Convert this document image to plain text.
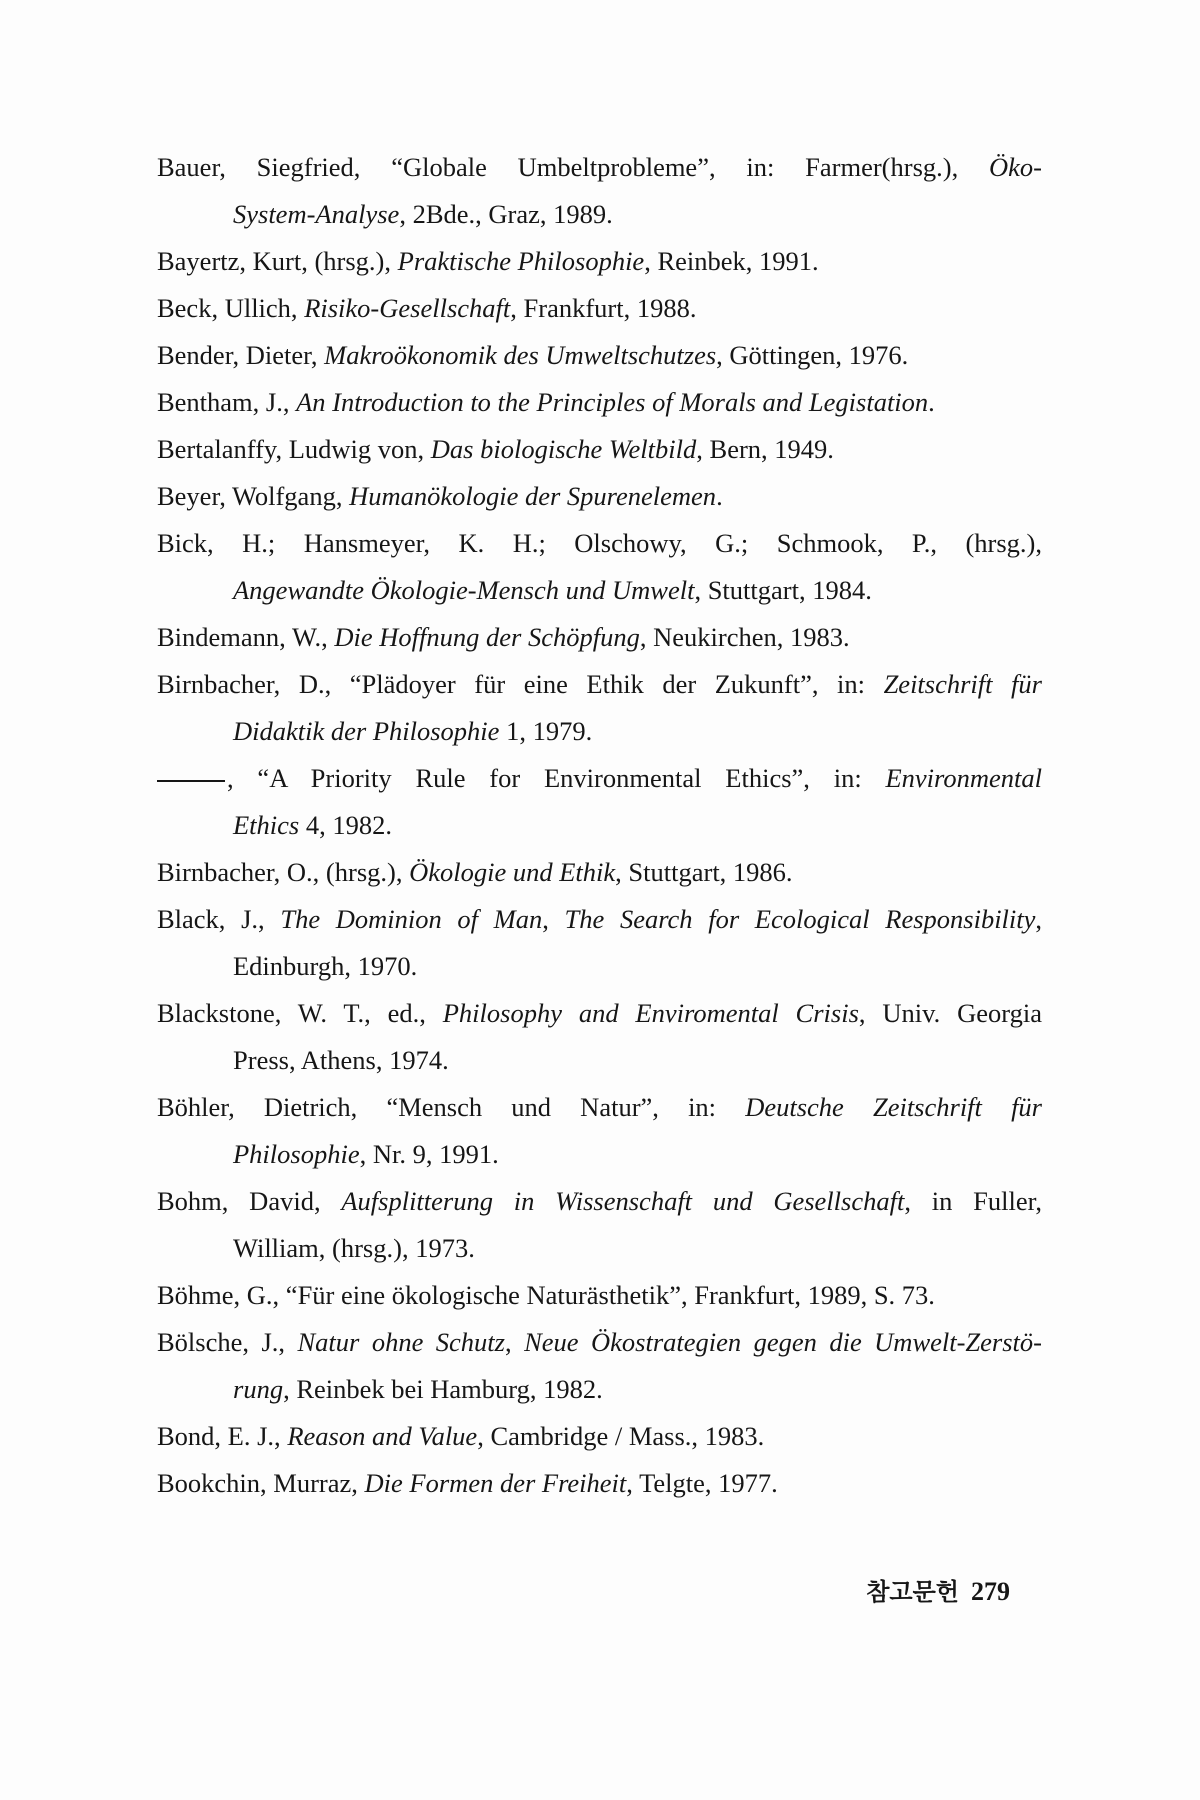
Bauer, Siegfried, “Globale Umbeltprobleme”, in: Farmer(hrsg.), Öko-
System-Analyse, 2Bde., Graz, 1989.
Bayertz, Kurt, (hrsg.), Praktische Philosophie, Reinbek, 1991.
Beck, Ullich, Risiko-Gesellschaft, Frankfurt, 1988.
Bender, Dieter, Makroökonomik des Umweltschutzes, Göttingen, 1976.
Bentham, J., An Introduction to the Principles of Morals and Legistation.
Bertalanffy, Ludwig von, Das biologische Weltbild, Bern, 1949.
Beyer, Wolfgang, Humanökologie der Spurenelemen.
Bick, H.; Hansmeyer, K. H.; Olschowy, G.; Schmook, P., (hrsg.),
Angewandte Ökologie-Mensch und Umwelt, Stuttgart, 1984.
Bindemann, W., Die Hoffnung der Schöpfung, Neukirchen, 1983.
Birnbacher, D., “Plädoyer für eine Ethik der Zukunft”, in: Zeitschrift für
Didaktik der Philosophie 1, 1979.
, “A Priority Rule for Environmental Ethics”, in: Environmental
Ethics 4, 1982.
Birnbacher, O., (hrsg.), Ökologie und Ethik, Stuttgart, 1986.
Black, J., The Dominion of Man, The Search for Ecological Responsibility,
Edinburgh, 1970.
Blackstone, W. T., ed., Philosophy and Enviromental Crisis, Univ. Georgia
Press, Athens, 1974.
Böhler, Dietrich, “Mensch und Natur”, in: Deutsche Zeitschrift für
Philosophie, Nr. 9, 1991.
Bohm, David, Aufsplitterung in Wissenschaft und Gesellschaft, in Fuller,
William, (hrsg.), 1973.
Böhme, G., “Für eine ökologische Naturästhetik”, Frankfurt, 1989, S. 73.
Bölsche, J., Natur ohne Schutz, Neue Ökostrategien gegen die Umwelt-Zerstö-
rung, Reinbek bei Hamburg, 1982.
Bond, E. J., Reason and Value, Cambridge / Mass., 1983.
Bookchin, Murraz, Die Formen der Freiheit, Telgte, 1977.
참고문헌 279
